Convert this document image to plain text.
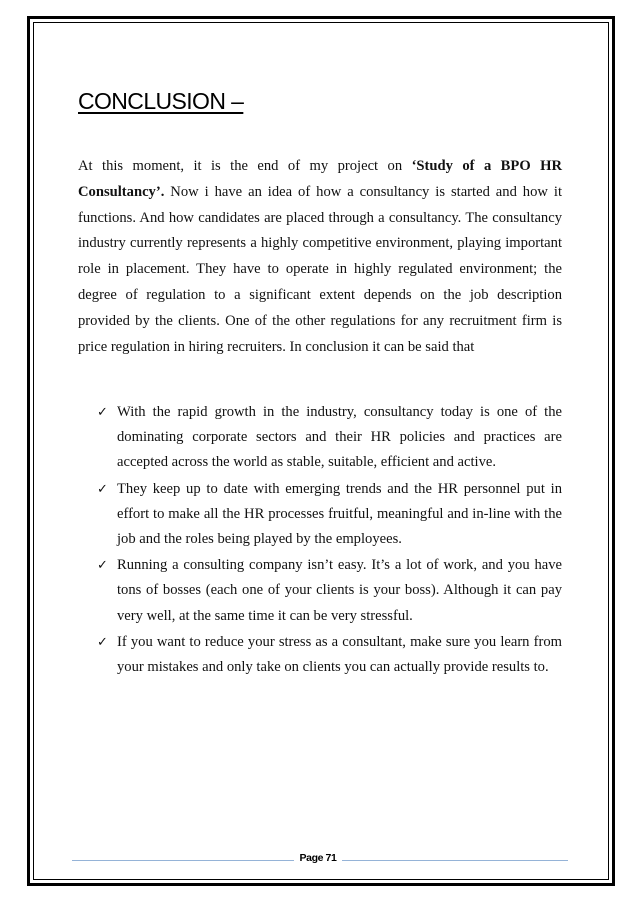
CONCLUSION –

At this moment, it is the end of my project on ‘Study of a BPO HR Consultancy’. Now i have an idea of how a consultancy is started and how it functions. And how candidates are placed through a consultancy. The consultancy industry currently represents a highly competitive environment, playing important role in placement. They have to operate in highly regulated environment; the degree of regulation to a significant extent depends on the job description provided by the clients. One of the other regulations for any recruitment firm is price regulation in hiring recruiters. In conclusion it can be said that

✓ With the rapid growth in the industry, consultancy today is one of the dominating corporate sectors and their HR policies and practices are accepted across the world as stable, suitable, efficient and active.
✓ They keep up to date with emerging trends and the HR personnel put in effort to make all the HR processes fruitful, meaningful and in-line with the job and the roles being played by the employees.
✓ Running a consulting company isn’t easy. It’s a lot of work, and you have tons of bosses (each one of your clients is your boss). Although it can pay very well, at the same time it can be very stressful.
✓ If you want to reduce your stress as a consultant, make sure you learn from your mistakes and only take on clients you can actually provide results to.
Page 71
